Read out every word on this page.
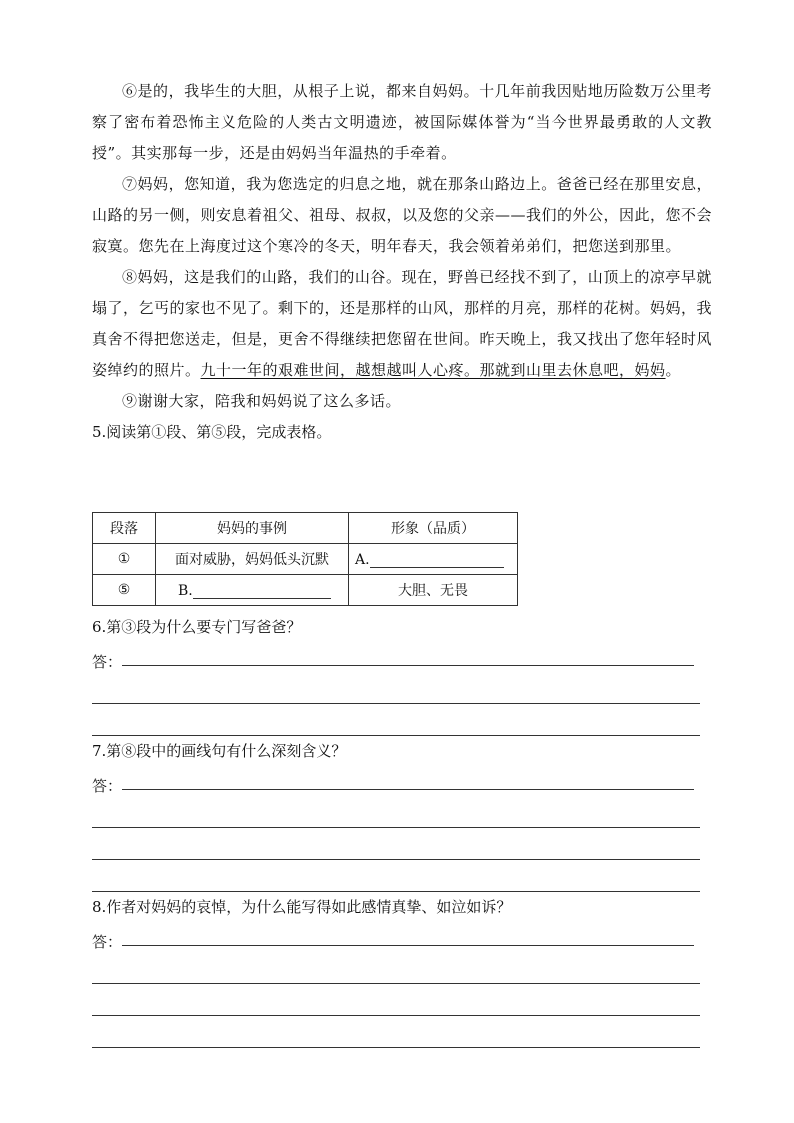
⑥是的，我毕生的大胆，从根子上说，都来自妈妈。十几年前我因贴地历险数万公里考察了密布着恐怖主义危险的人类古文明遗迹，被国际媒体誉为“当今世界最勇敢的人文教授”。其实那每一步，还是由妈妈当年温热的手牵着。

⑦妈妈，您知道，我为您选定的归息之地，就在那条山路边上。爸爸已经在那里安息，山路的另一侧，则安息着祖父、祖母、叔叔，以及您的父亲——我们的外公，因此，您不会寂寞。您先在上海度过这个寒冷的冬天，明年春天，我会领着弟弟们，把您送到那里。

⑧妈妈，这是我们的山路，我们的山谷。现在，野兽已经找不到了，山顶上的凉亭早就塌了，乞丐的家也不见了。剩下的，还是那样的山风，那样的月亮，那样的花树。妈妈，我真舍不得把您送走，但是，更舍不得继续把您留在世间。昨天晚上，我又找出了您年轻时风姿绰约的照片。九十一年的艰难世间，越想越叫人心疼。那就到山里去休息吧，妈妈。

⑨谢谢大家，陪我和妈妈说了这么多话。

5.阅读第①段、第⑤段，完成表格。

段落	妈妈的事例	形象（品质）
①	面对威胁，妈妈低头沉默	A.
⑤	B.	大胆、无畏

6.第③段为什么要专门写爸爸？

答：

7.第⑧段中的画线句有什么深刻含义？

答：

8.作者对妈妈的哀悼，为什么能写得如此感情真挚、如泣如诉？

答：
